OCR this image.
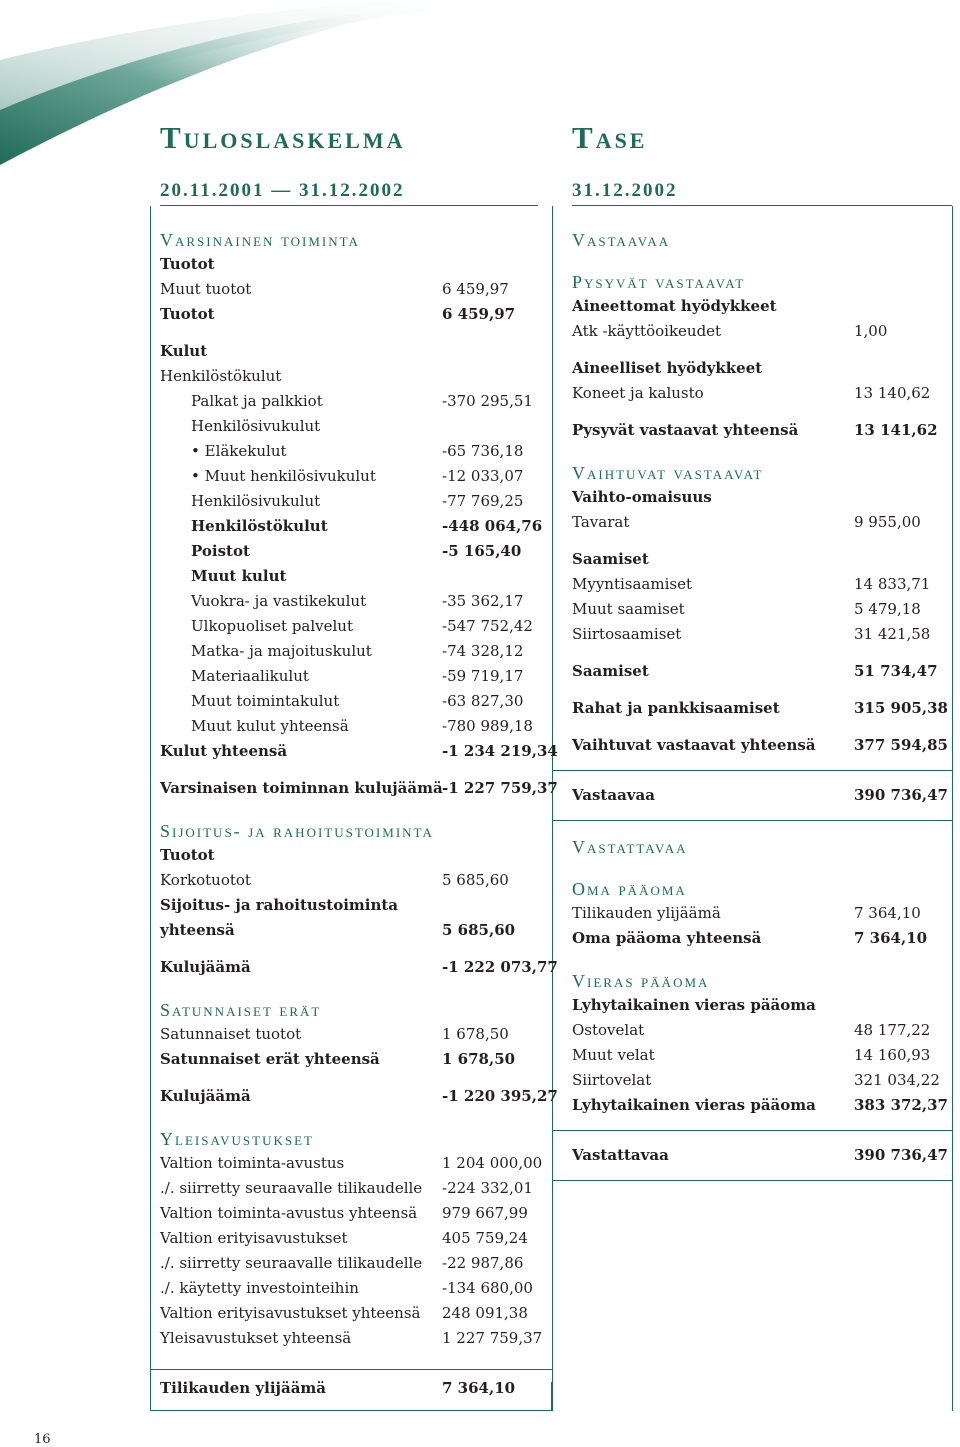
Tuloslaskelma	Tase
20.11.2001 — 31.12.2002	31.12.2002
Varsinainen toiminta
Tuotot
Muut tuotot	6 459,97
Tuotot	6 459,97
Kulut
Henkilöstökulut
Palkat ja palkkiot	-370 295,51
Henkilösivukulut
• Eläkekulut	-65 736,18
• Muut henkilösivukulut	-12 033,07
Henkilösivukulut	-77 769,25
Henkilöstökulut	-448 064,76
Poistot	-5 165,40
Muut kulut
Vuokra- ja vastikekulut	-35 362,17
Ulkopuoliset palvelut	-547 752,42
Matka- ja majoituskulut	-74 328,12
Materiaalikulut	-59 719,17
Muut toimintakulut	-63 827,30
Muut kulut yhteensä	-780 989,18
Kulut yhteensä	-1 234 219,34
Varsinaisen toiminnan kulujäämä -1 227 759,37
Sijoitus- ja rahoitustoiminta
Tuotot
Korkotuotot	5 685,60
Sijoitus- ja rahoitustoiminta
yhteensä	5 685,60
Kulujäämä	-1 222 073,77
Satunnaiset erät
Satunnaiset tuotot	1 678,50
Satunnaiset erät yhteensä	1 678,50
Kulujäämä	-1 220 395,27
Yleisavustukset
Valtion toiminta-avustus	1 204 000,00
./. siirretty seuraavalle tilikaudelle -224 332,01
Valtion toiminta-avustus yhteensä 979 667,99
Valtion erityisavustukset	405 759,24
./. siirretty seuraavalle tilikaudelle -22 987,86
./. käytetty investointeihin	-134 680,00
Valtion erityisavustukset yhteensä 248 091,38
Yleisavustukset yhteensä	1 227 759,37
Tilikauden ylijäämä	7 364,10
Vastaavaa
Pysyvät vastaavat
Aineettomat hyödykkeet
Atk -käyttöoikeudet	1,00
Aineelliset hyödykkeet
Koneet ja kalusto	13 140,62
Pysyvät vastaavat yhteensä	13 141,62
Vaihtuvat vastaavat
Vaihto-omaisuus
Tavarat	9 955,00
Saamiset
Myyntisaamiset	14 833,71
Muut saamiset	5 479,18
Siirtosaamiset	31 421,58
Saamiset	51 734,47
Rahat ja pankkisaamiset	315 905,38
Vaihtuvat vastaavat yhteensä	377 594,85
Vastaavaa	390 736,47
Vastattavaa
Oma pääoma
Tilikauden ylijäämä	7 364,10
Oma pääoma yhteensä	7 364,10
Vieras pääoma
Lyhytaikainen vieras pääoma
Ostovelat	48 177,22
Muut velat	14 160,93
Siirtovelat	321 034,22
Lyhytaikainen vieras pääoma	383 372,37
Vastattavaa	390 736,47
16
